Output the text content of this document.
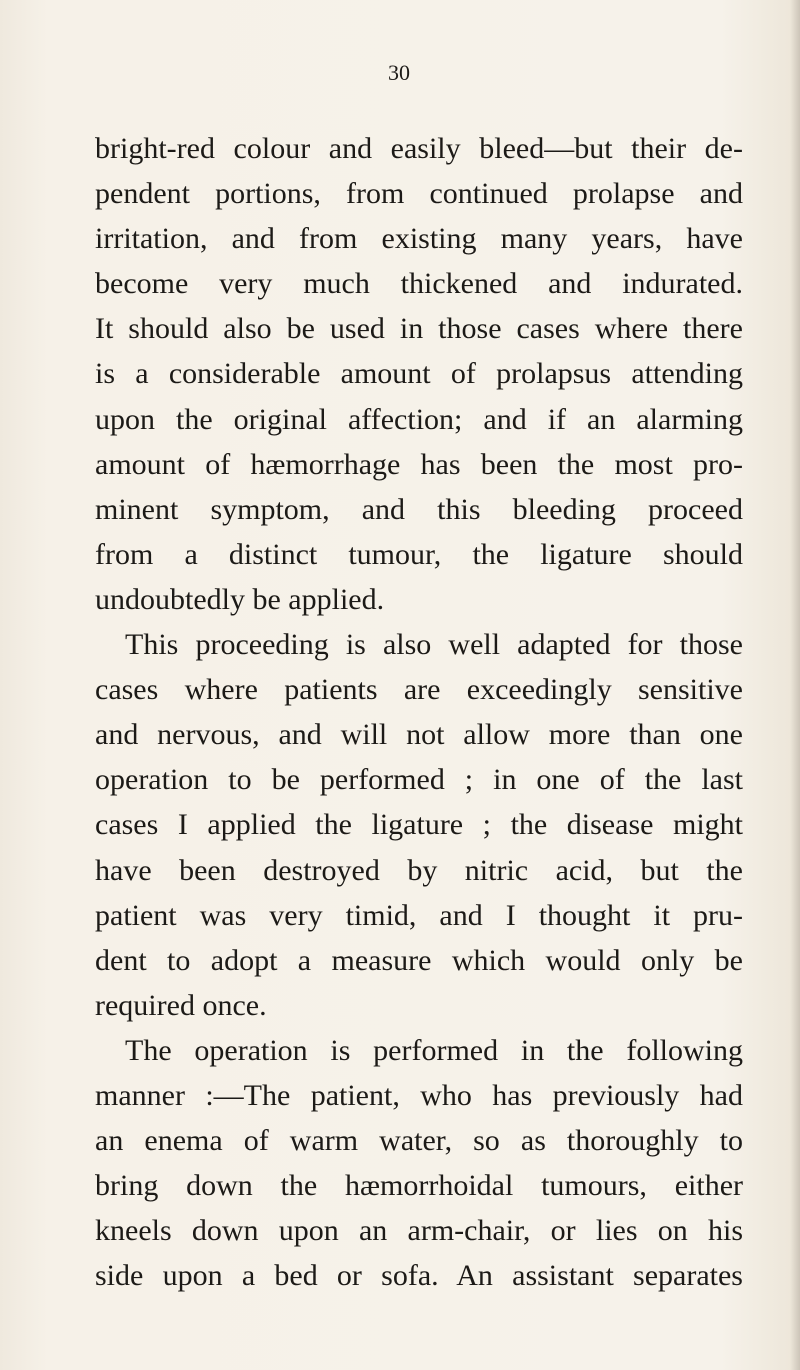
30
bright-red colour and easily bleed—but their de-
pendent portions, from continued prolapse and
irritation, and from existing many years, have
become very much thickened and indurated.
It should also be used in those cases where there
is a considerable amount of prolapsus attending
upon the original affection; and if an alarming
amount of hæmorrhage has been the most pro-
minent symptom, and this bleeding proceed
from a distinct tumour, the ligature should
undoubtedly be applied.
This proceeding is also well adapted for those
cases where patients are exceedingly sensitive
and nervous, and will not allow more than one
operation to be performed ; in one of the last
cases I applied the ligature ; the disease might
have been destroyed by nitric acid, but the
patient was very timid, and I thought it pru-
dent to adopt a measure which would only be
required once.
The operation is performed in the following
manner :—The patient, who has previously had
an enema of warm water, so as thoroughly to
bring down the hæmorrhoidal tumours, either
kneels down upon an arm-chair, or lies on his
side upon a bed or sofa. An assistant separates
